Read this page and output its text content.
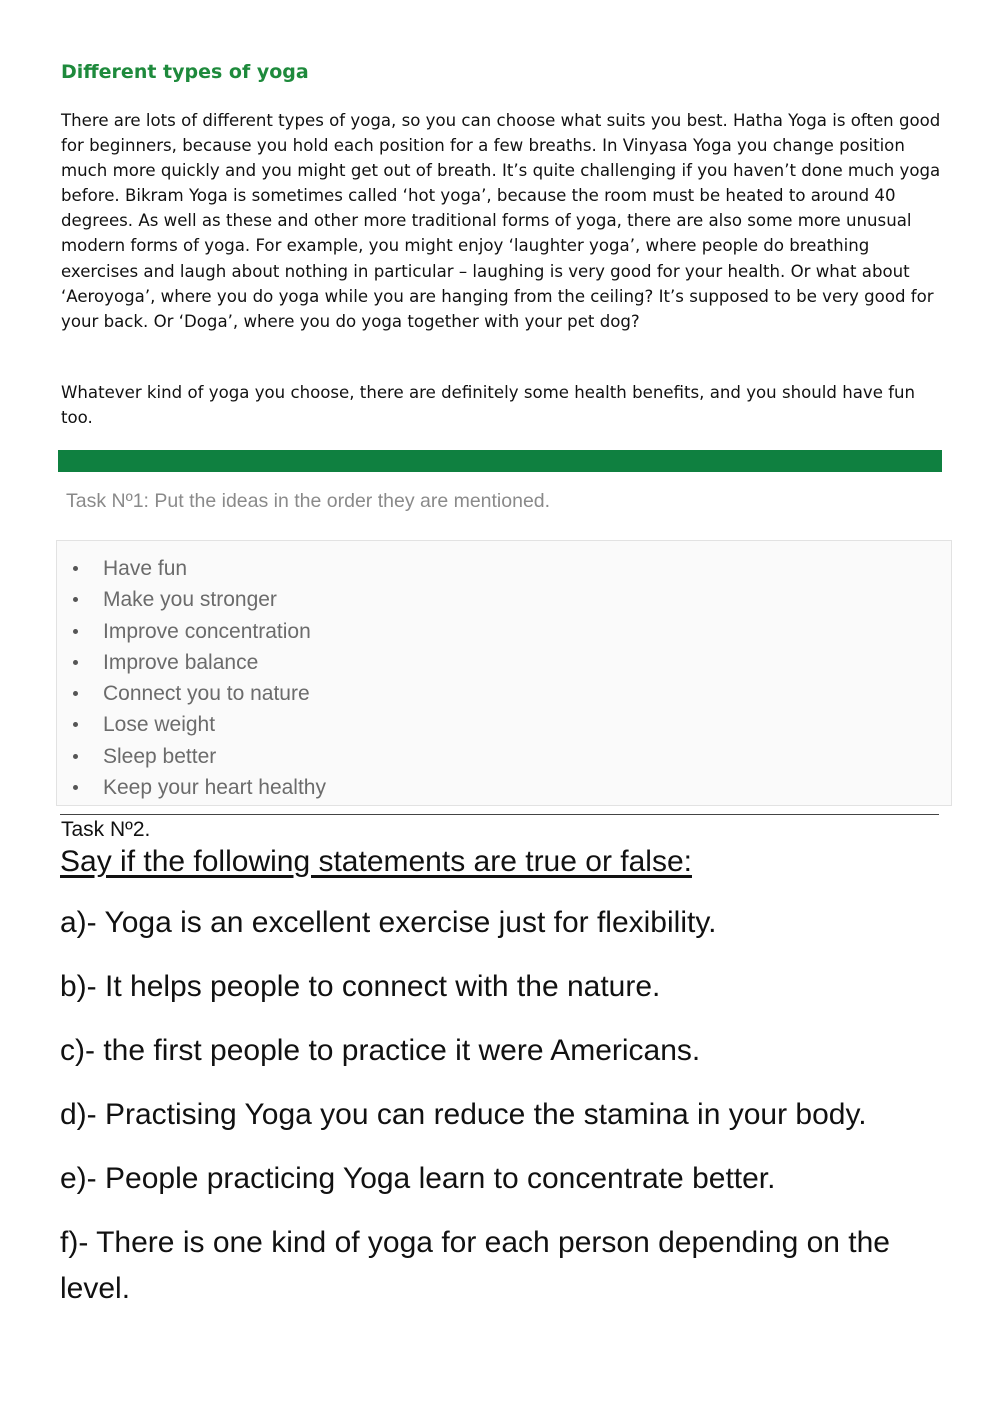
Different types of yoga

There are lots of different types of yoga, so you can choose what suits you best. Hatha Yoga is often good for beginners, because you hold each position for a few breaths. In Vinyasa Yoga you change position much more quickly and you might get out of breath. It’s quite challenging if you haven’t done much yoga before. Bikram Yoga is sometimes called ‘hot yoga’, because the room must be heated to around 40 degrees. As well as these and other more traditional forms of yoga, there are also some more unusual modern forms of yoga. For example, you might enjoy ‘laughter yoga’, where people do breathing exercises and laugh about nothing in particular – laughing is very good for your health. Or what about ‘Aeroyoga’, where you do yoga while you are hanging from the ceiling? It’s supposed to be very good for your back. Or ‘Doga’, where you do yoga together with your pet dog?

Whatever kind of yoga you choose, there are definitely some health benefits, and you should have fun too.

Task Nº1: Put the ideas in the order they are mentioned.
Have fun
Make you stronger
Improve concentration
Improve balance
Connect you to nature
Lose weight
Sleep better
Keep your heart healthy
Task Nº2.
Say if the following statements are true or false:
a)- Yoga is an excellent exercise just for flexibility.
b)- It helps people to connect with the nature.
c)- the first people to practice it were Americans.
d)- Practising Yoga you can reduce the stamina in your body.
e)- People practicing Yoga learn to concentrate better.
f)- There is one kind of yoga for each person depending on the level.
